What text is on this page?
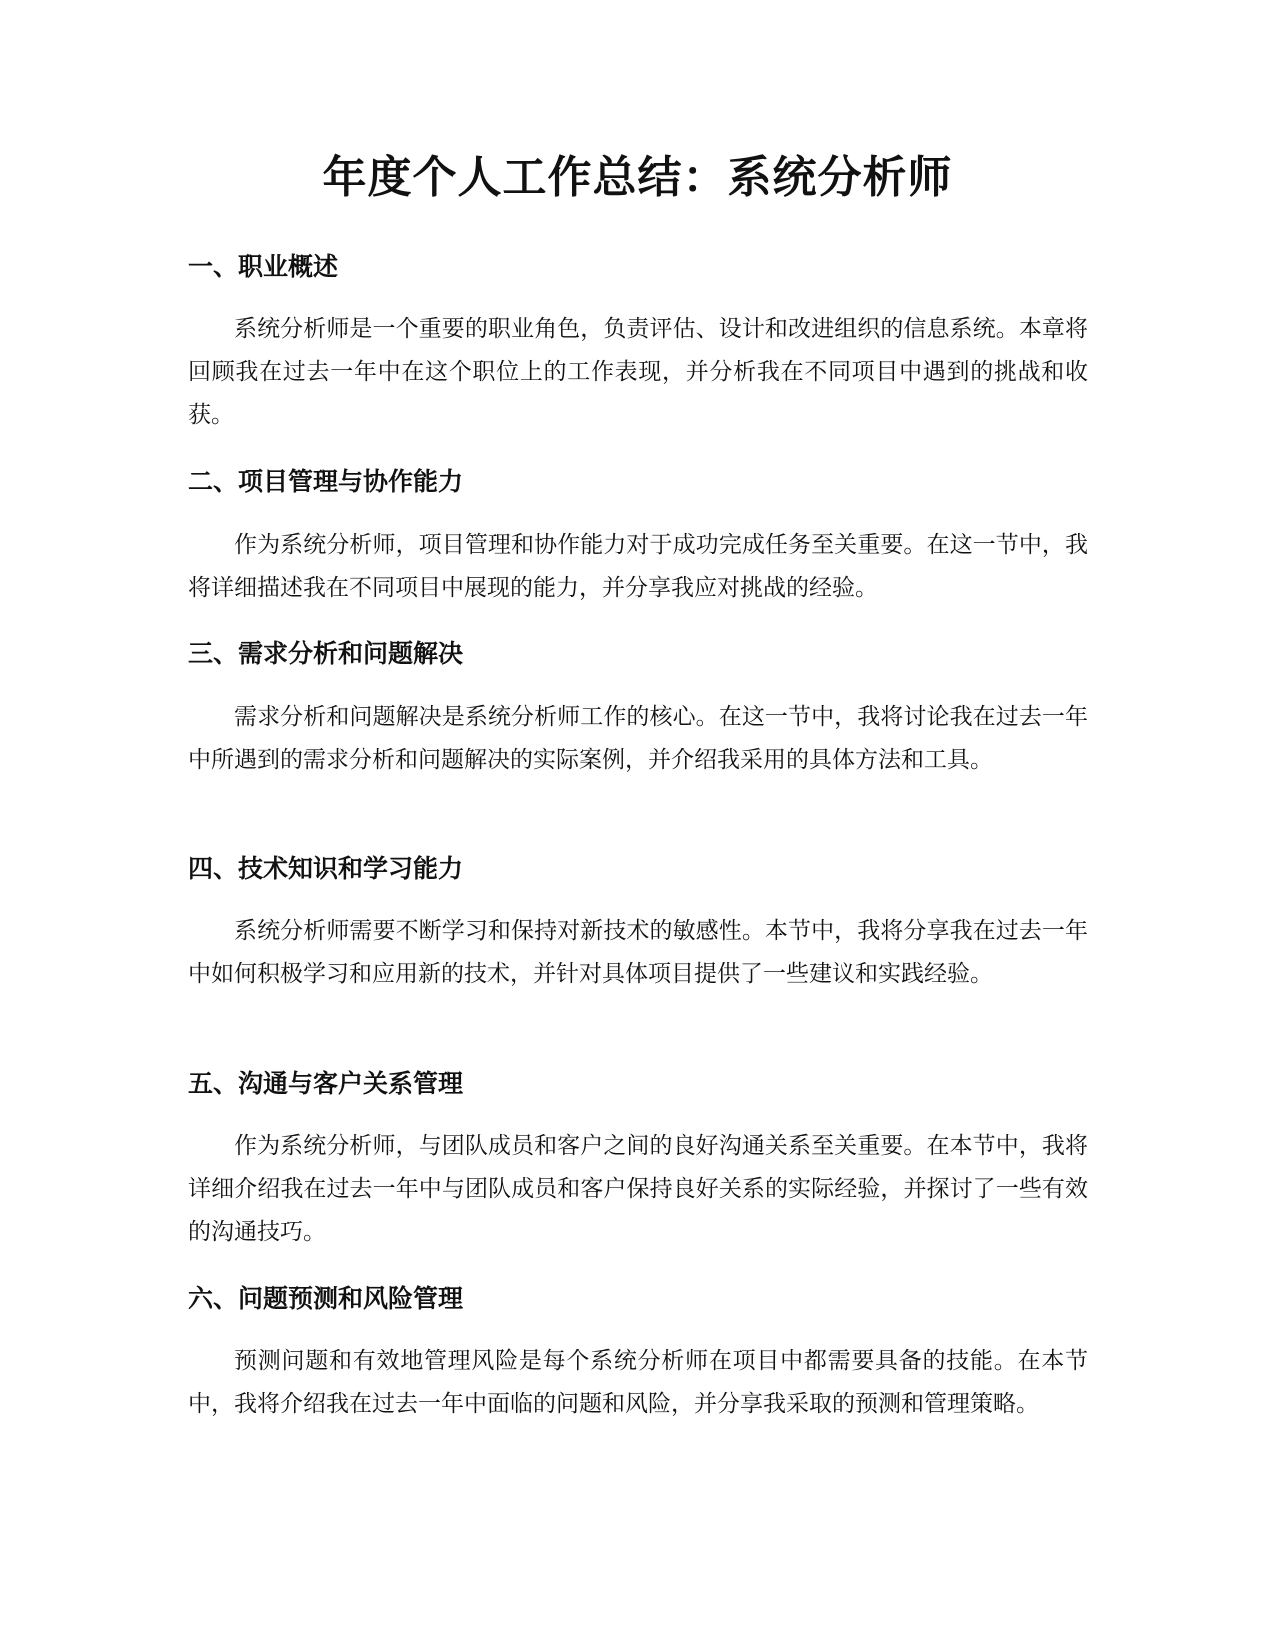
年度个人工作总结：系统分析师
一、职业概述

系统分析师是一个重要的职业角色，负责评估、设计和改进组织的信息系统。本章将回顾我在过去一年中在这个职位上的工作表现，并分析我在不同项目中遇到的挑战和收获。

二、项目管理与协作能力

作为系统分析师，项目管理和协作能力对于成功完成任务至关重要。在这一节中，我将详细描述我在不同项目中展现的能力，并分享我应对挑战的经验。

三、需求分析和问题解决

需求分析和问题解决是系统分析师工作的核心。在这一节中，我将讨论我在过去一年中所遇到的需求分析和问题解决的实际案例，并介绍我采用的具体方法和工具。

四、技术知识和学习能力

系统分析师需要不断学习和保持对新技术的敏感性。本节中，我将分享我在过去一年中如何积极学习和应用新的技术，并针对具体项目提供了一些建议和实践经验。

五、沟通与客户关系管理

作为系统分析师，与团队成员和客户之间的良好沟通关系至关重要。在本节中，我将详细介绍我在过去一年中与团队成员和客户保持良好关系的实际经验，并探讨了一些有效的沟通技巧。

六、问题预测和风险管理

预测问题和有效地管理风险是每个系统分析师在项目中都需要具备的技能。在本节中，我将介绍我在过去一年中面临的问题和风险，并分享我采取的预测和管理策略。
